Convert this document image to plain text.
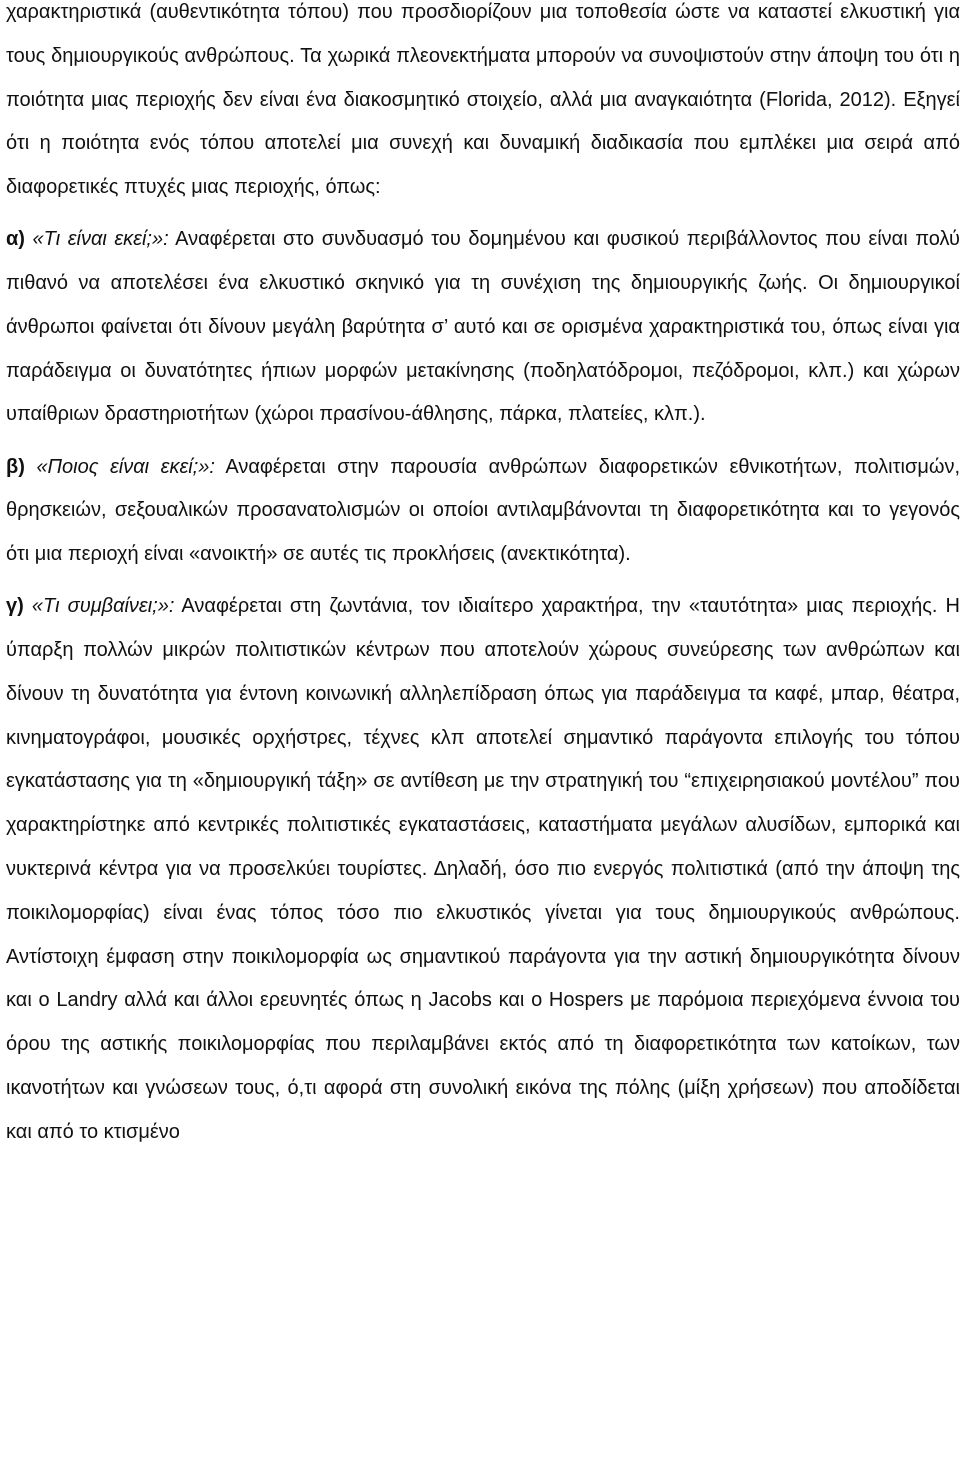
χαρακτηριστικά (αυθεντικότητα τόπου) που προσδιορίζουν μια τοποθεσία ώστε να καταστεί ελκυστική για τους δημιουργικούς ανθρώπους. Τα χωρικά πλεονεκτήματα μπορούν να συνοψιστούν στην άποψη του ότι η ποιότητα μιας περιοχής δεν είναι ένα διακοσμητικό στοιχείο, αλλά μια αναγκαιότητα (Florida, 2012). Εξηγεί ότι η ποιότητα ενός τόπου αποτελεί μια συνεχή και δυναμική διαδικασία που εμπλέκει μια σειρά από διαφορετικές πτυχές μιας περιοχής, όπως:

α) «Τι είναι εκεί;»: Αναφέρεται στο συνδυασμό του δομημένου και φυσικού περιβάλλοντος που είναι πολύ πιθανό να αποτελέσει ένα ελκυστικό σκηνικό για τη συνέχιση της δημιουργικής ζωής. Οι δημιουργικοί άνθρωποι φαίνεται ότι δίνουν μεγάλη βαρύτητα σ’ αυτό και σε ορισμένα χαρακτηριστικά του, όπως είναι για παράδειγμα οι δυνατότητες ήπιων μορφών μετακίνησης (ποδηλατόδρομοι, πεζόδρομοι, κλπ.) και χώρων υπαίθριων δραστηριοτήτων (χώροι πρασίνου-άθλησης, πάρκα, πλατείες, κλπ.).

β) «Ποιος είναι εκεί;»: Αναφέρεται στην παρουσία ανθρώπων διαφορετικών εθνικοτήτων, πολιτισμών, θρησκειών, σεξουαλικών προσανατολισμών οι οποίοι αντιλαμβάνονται τη διαφορετικότητα και το γεγονός ότι μια περιοχή είναι «ανοικτή» σε αυτές τις προκλήσεις (ανεκτικότητα).

γ) «Τι συμβαίνει;»: Αναφέρεται στη ζωντάνια, τον ιδιαίτερο χαρακτήρα, την «ταυτότητα» μιας περιοχής. Η ύπαρξη πολλών μικρών πολιτιστικών κέντρων που αποτελούν χώρους συνεύρεσης των ανθρώπων και δίνουν τη δυνατότητα για έντονη κοινωνική αλληλεπίδραση όπως για παράδειγμα τα καφέ, μπαρ, θέατρα, κινηματογράφοι, μουσικές ορχήστρες, τέχνες κλπ αποτελεί σημαντικό παράγοντα επιλογής του τόπου εγκατάστασης για τη «δημιουργική τάξη» σε αντίθεση με την στρατηγική του “επιχειρησιακού μοντέλου” που χαρακτηρίστηκε από κεντρικές πολιτιστικές εγκαταστάσεις, καταστήματα μεγάλων αλυσίδων, εμπορικά και νυκτερινά κέντρα για να προσελκύει τουρίστες. Δηλαδή, όσο πιο ενεργός πολιτιστικά (από την άποψη της ποικιλομορφίας) είναι ένας τόπος τόσο πιο ελκυστικός γίνεται για τους δημιουργικούς ανθρώπους. Αντίστοιχη έμφαση στην ποικιλομορφία ως σημαντικού παράγοντα για την αστική δημιουργικότητα δίνουν και ο Landry αλλά και άλλοι ερευνητές όπως η Jacobs και ο Hospers με παρόμοια περιεχόμενα έννοια του όρου της αστικής ποικιλομορφίας που περιλαμβάνει εκτός από τη διαφορετικότητα των κατοίκων, των ικανοτήτων και γνώσεων τους, ό,τι αφορά στη συνολική εικόνα της πόλης (μίξη χρήσεων) που αποδίδεται και από το κτισμένο
